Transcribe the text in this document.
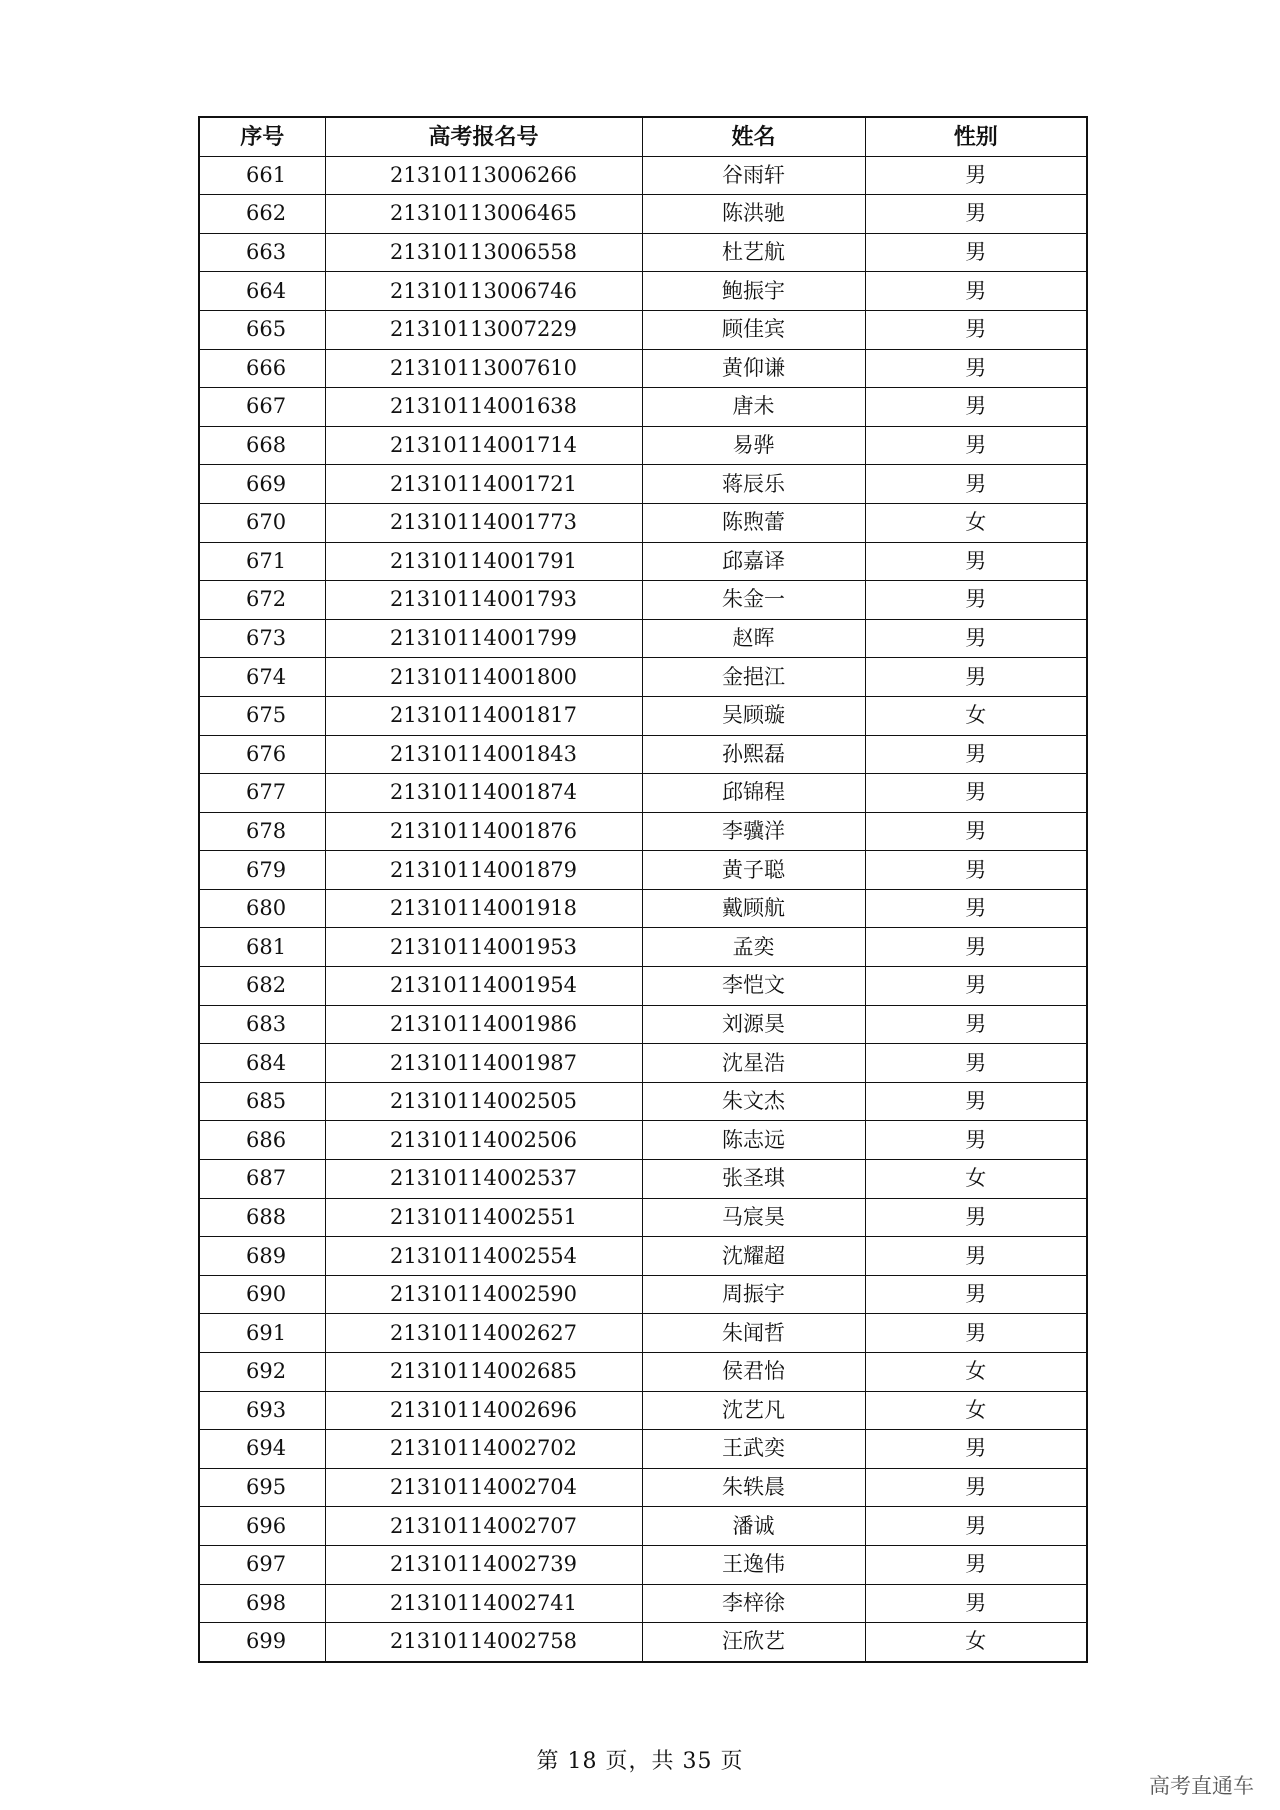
序号	高考报名号	姓名	性别
661	21310113006266	谷雨轩	男
662	21310113006465	陈洪驰	男
663	21310113006558	杜艺航	男
664	21310113006746	鲍振宇	男
665	21310113007229	顾佳宾	男
666	21310113007610	黄仰谦	男
667	21310114001638	唐未	男
668	21310114001714	易骅	男
669	21310114001721	蒋辰乐	男
670	21310114001773	陈煦蕾	女
671	21310114001791	邱嘉译	男
672	21310114001793	朱金一	男
673	21310114001799	赵晖	男
674	21310114001800	金挹江	男
675	21310114001817	吴顾璇	女
676	21310114001843	孙熙磊	男
677	21310114001874	邱锦程	男
678	21310114001876	李骥洋	男
679	21310114001879	黄子聪	男
680	21310114001918	戴顾航	男
681	21310114001953	孟奕	男
682	21310114001954	李恺文	男
683	21310114001986	刘源昊	男
684	21310114001987	沈星浩	男
685	21310114002505	朱文杰	男
686	21310114002506	陈志远	男
687	21310114002537	张圣琪	女
688	21310114002551	马宸昊	男
689	21310114002554	沈耀超	男
690	21310114002590	周振宇	男
691	21310114002627	朱闻哲	男
692	21310114002685	侯君怡	女
693	21310114002696	沈艺凡	女
694	21310114002702	王武奕	男
695	21310114002704	朱轶晨	男
696	21310114002707	潘诚	男
697	21310114002739	王逸伟	男
698	21310114002741	李梓徐	男
699	21310114002758	汪欣艺	女
第 18 页，共 35 页
高考直通车
